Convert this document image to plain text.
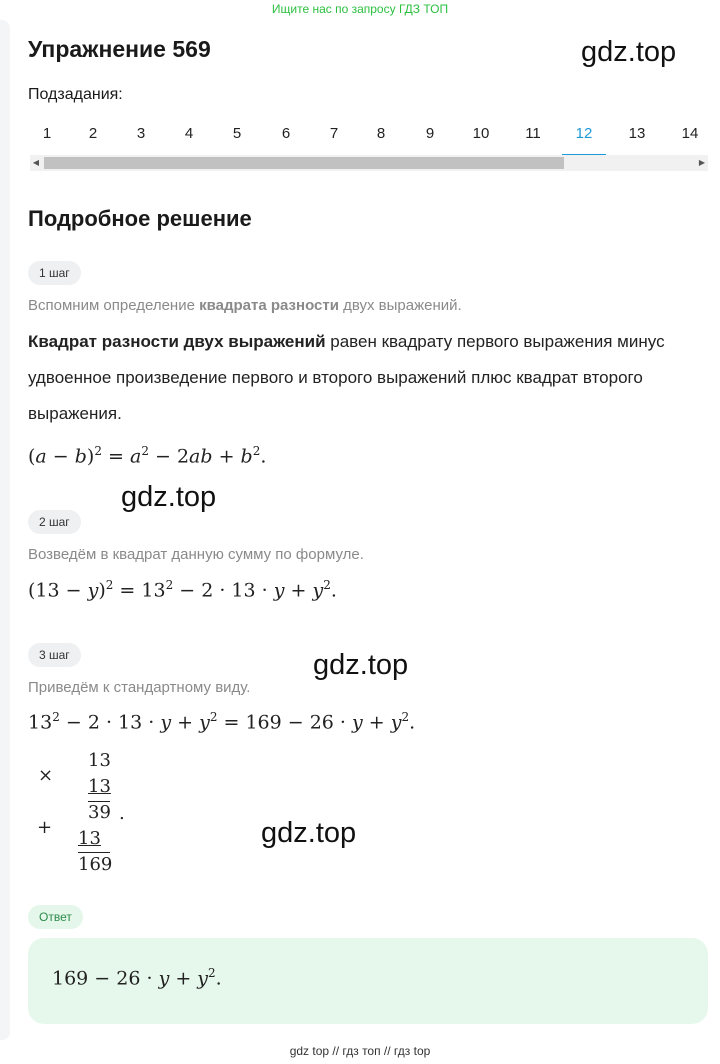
Ищите нас по запросу ГДЗ ТОП
Упражнение 569	gdz.top
Подзадания:
1	2	3	4	5	6	7	8	9	10	11	12	13	14
◀	▶
Подробное решение
1 шаг
Вспомним определение квадрата разности двух выражений.
Квадрат разности двух выражений равен квадрату первого выражения минус удвоенное произведение первого и второго выражений плюс квадрат второго выражения.
$(a - b)^2 = a^2 - 2ab + b^2$.
gdz.top
2 шаг
Возведём в квадрат данную сумму по формуле.
$(13 - y)^2 = 13^2 - 2 \cdot 13 \cdot y + y^2$.
3 шаг	gdz.top
Приведём к стандартному виду.
$13^2 - 2 \cdot 13 \cdot y + y^2 = 169 - 26 \cdot y + y^2$.
×
13
13
39 .
+
13
169
gdz.top
Ответ
$169 - 26 \cdot y + y^2$.
gdz top // гдз топ // гдз top
